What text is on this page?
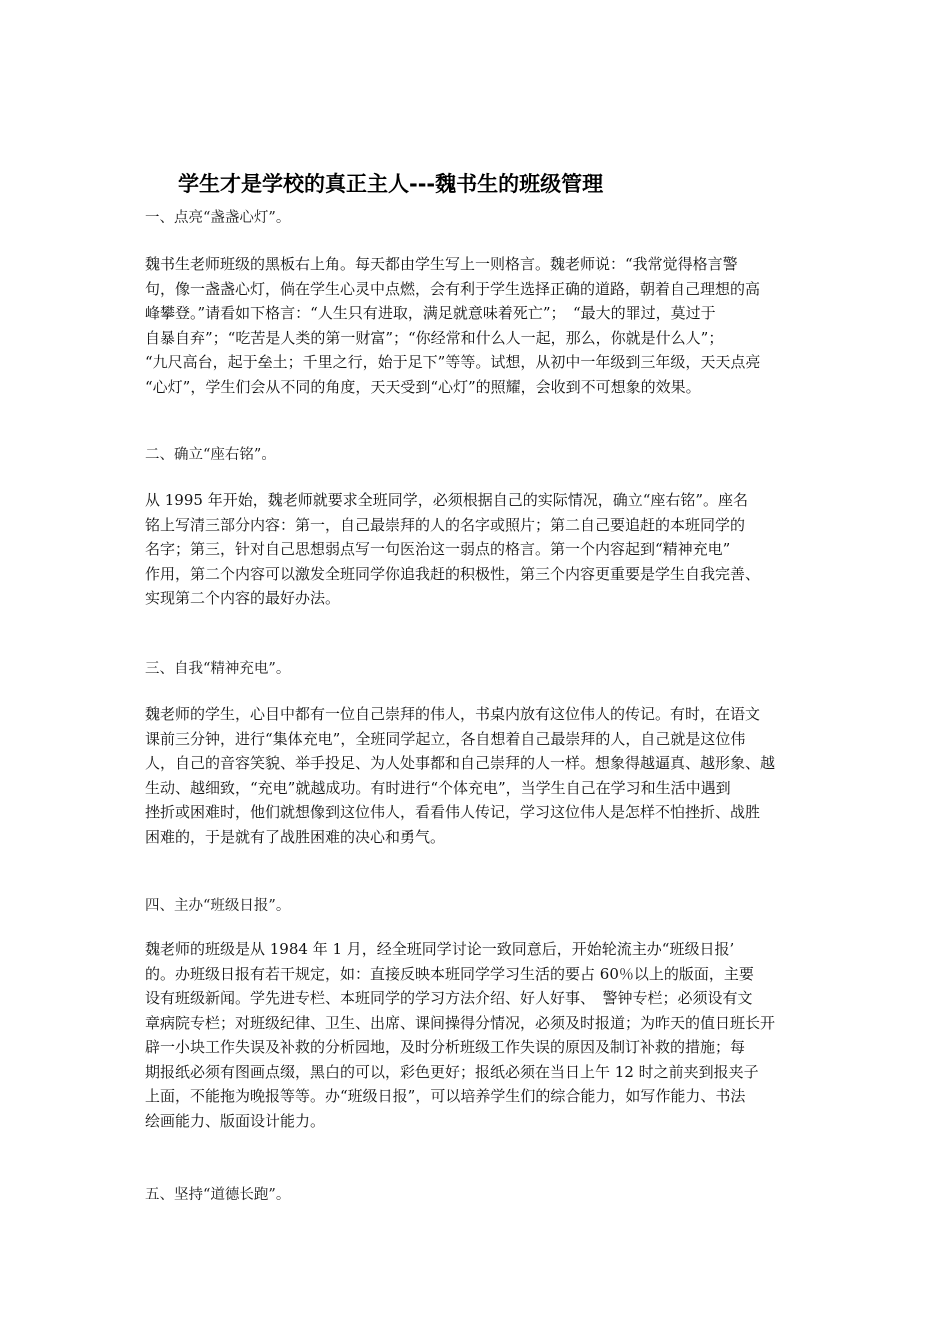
学生才是学校的真正主人---魏书生的班级管理
一、点亮“盏盏心灯”。
魏书生老师班级的黑板右上角。每天都由学生写上一则格言。魏老师说：“我常觉得格言警
句，像一盏盏心灯，倘在学生心灵中点燃，会有利于学生选择正确的道路，朝着自己理想的高
峰攀登。”请看如下格言：“人生只有进取，满足就意味着死亡”；　“最大的罪过，莫过于
自暴自弃”；“吃苦是人类的第一财富”；“你经常和什么人一起，那么，你就是什么人”；
“九尺高台，起于垒土；千里之行，始于足下”等等。试想，从初中一年级到三年级，天天点亮
“心灯”，学生们会从不同的角度，天天受到“心灯”的照耀，会收到不可想象的效果。
二、确立“座右铭”。
从 1995 年开始，魏老师就要求全班同学，必须根据自己的实际情况，确立“座右铭”。座名
铭上写清三部分内容：第一，自己最崇拜的人的名字或照片；第二自己要追赶的本班同学的
名字；第三，针对自己思想弱点写一句医治这一弱点的格言。第一个内容起到“精神充电”
作用，第二个内容可以激发全班同学你追我赶的积极性，第三个内容更重要是学生自我完善、
实现第二个内容的最好办法。
三、自我“精神充电”。
魏老师的学生，心目中都有一位自己崇拜的伟人，书桌内放有这位伟人的传记。有时，在语文
课前三分钟，进行“集体充电”，全班同学起立，各自想着自己最崇拜的人，自己就是这位伟
人，自己的音容笑貌、举手投足、为人处事都和自己崇拜的人一样。想象得越逼真、越形象、越
生动、越细致，“充电”就越成功。有时进行“个体充电”，当学生自己在学习和生活中遇到
挫折或困难时，他们就想像到这位伟人，看看伟人传记，学习这位伟人是怎样不怕挫折、战胜
困难的，于是就有了战胜困难的决心和勇气。
四、主办“班级日报”。
魏老师的班级是从 1984 年 1 月，经全班同学讨论一致同意后，开始轮流主办“班级日报’
的。办班级日报有若干规定，如：直接反映本班同学学习生活的要占 60％以上的版面，主要
设有班级新闻。学先进专栏、本班同学的学习方法介绍、好人好事、　警钟专栏；必须设有文
章病院专栏；对班级纪律、卫生、出席、课间操得分情况，必须及时报道；为昨天的值日班长开
辟一小块工作失误及补救的分析园地，及时分析班级工作失误的原因及制订补救的措施；每
期报纸必须有图画点缀，黑白的可以，彩色更好；报纸必须在当日上午 12 时之前夹到报夹子
上面，不能拖为晚报等等。办“班级日报”，可以培养学生们的综合能力，如写作能力、书法
绘画能力、版面设计能力。
五、坚持“道德长跑”。
